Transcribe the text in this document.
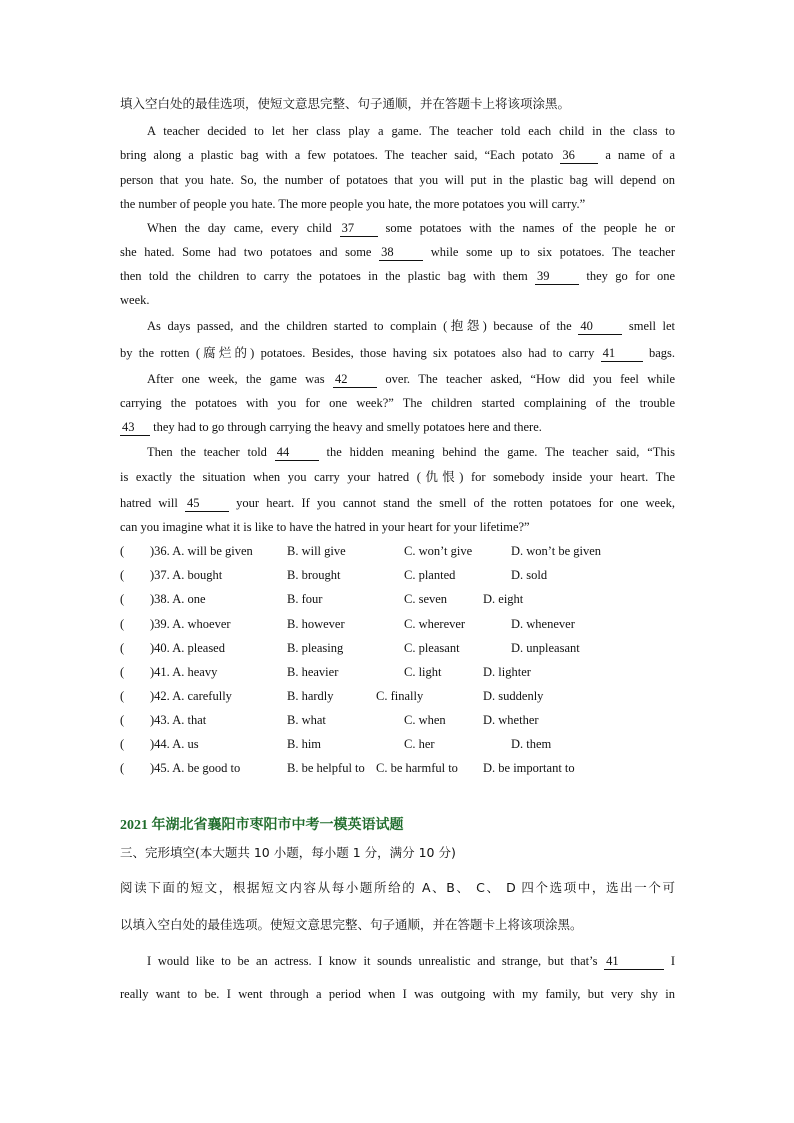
填入空白处的最佳选项，使短文意思完整、句子通顺，并在答题卡上将该项涂黑。
A teacher decided to let her class play a game. The teacher told each child in the class to
bring along a plastic bag with a few potatoes. The teacher said, “Each potato 36 a name of a
person that you hate. So, the number of potatoes that you will put in the plastic bag will depend on
the number of people you hate. The more people you hate, the more potatoes you will carry.”
When the day came, every child 37	some potatoes with the names of the people he or
she hated. Some had two potatoes and some 38	while some up to six potatoes. The teacher
then told the children to carry the potatoes in the plastic bag with them 39	they go for one
week.
As days passed, and the children started to complain (抱怨) because of the 40	smell let
by the rotten (腐烂的) potatoes. Besides, those having six potatoes also had to carry 41	bags.
After one week, the game was 42	over. The teacher asked, “How did you feel while
carrying the potatoes with you for one week?” The children started complaining of the trouble
43 they had to go through carrying the heavy and smelly potatoes here and there.
Then the teacher told 44	the hidden meaning behind the game. The teacher said, “This
is exactly the situation when you carry your hatred (仇恨) for somebody inside your heart. The
hatred will 45	your heart. If you cannot stand the smell of the rotten potatoes for one week,
can you imagine what it is like to have the hatred in your heart for your lifetime?”
( )36. A. will be given	B. will give	C. won’t give	D. won’t be given
( )37. A. bought	B. brought	C. planted	D. sold
( )38. A. one	B. four	C. seven	D. eight
( )39. A. whoever	B. however	C. wherever	D. whenever
( )40. A. pleased	B. pleasing	C. pleasant	D. unpleasant
( )41. A. heavy	B. heavier	C. light	D. lighter
( )42. A. carefully	B. hardly	C. finally	D. suddenly
( )43. A. that	B. what	C. when	D. whether
( )44. A. us	B. him	C. her	D. them
( )45. A. be good to	B. be helpful to C. be harmful to D. be important to
2021 年湖北省襄阳市枣阳市中考一模英语试题
三、完形填空(本大题共 10 小题，每小题 1 分，满分 10 分)
阅读下面的短文，根据短文内容从每小题所给的 A、B、 C、 D 四个选项中，选出一个可
以填入空白处的最佳选项。使短文意思完整、句子通顺，并在答题卡上将该项涂黑。
I would like to be an actress. I know it sounds unrealistic and strange, but that’s 41	I
really want to be. I went through a period when I was outgoing with my family, but very shy in
